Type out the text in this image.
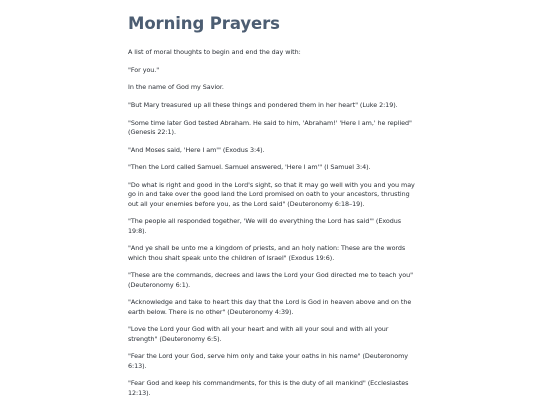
Morning Prayers

A list of moral thoughts to begin and end the day with:

"For you."

In the name of God my Savior.

"But Mary treasured up all these things and pondered them in her heart" (Luke 2:19).

"Some time later God tested Abraham. He said to him, 'Abraham!' 'Here I am,' he replied" (Genesis 22:1).

"And Moses said, 'Here I am'" (Exodus 3:4).

"Then the Lord called Samuel. Samuel answered, 'Here I am'" (I Samuel 3:4).

"Do what is right and good in the Lord's sight, so that it may go well with you and you may go in and take over the good land the Lord promised on oath to your ancestors, thrusting out all your enemies before you, as the Lord said" (Deuteronomy 6:18–19).

"The people all responded together, 'We will do everything the Lord has said'" (Exodus 19:8).

"And ye shall be unto me a kingdom of priests, and an holy nation: These are the words which thou shalt speak unto the children of Israel" (Exodus 19:6).

"These are the commands, decrees and laws the Lord your God directed me to teach you" (Deuteronomy 6:1).

"Acknowledge and take to heart this day that the Lord is God in heaven above and on the earth below. There is no other" (Deuteronomy 4:39).

"Love the Lord your God with all your heart and with all your soul and with all your strength" (Deuteronomy 6:5).

"Fear the Lord your God, serve him only and take your oaths in his name" (Deuteronomy 6:13).

"Fear God and keep his commandments, for this is the duty of all mankind" (Ecclesiastes 12:13).
